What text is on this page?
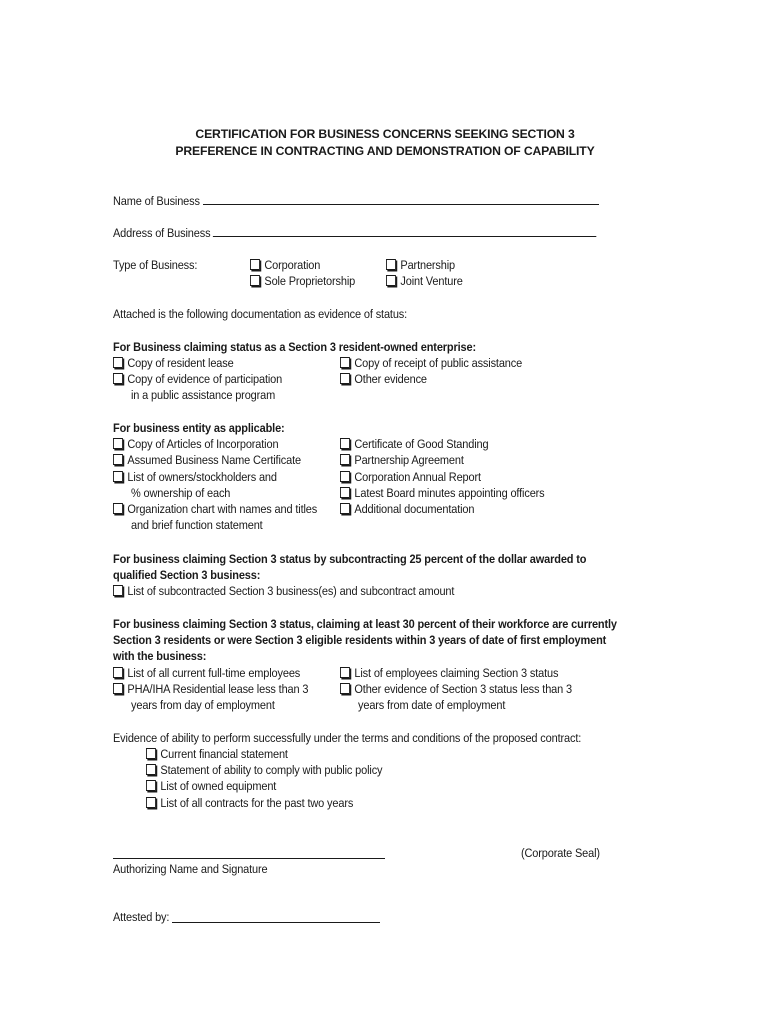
CERTIFICATION FOR BUSINESS CONCERNS SEEKING SECTION 3
PREFERENCE IN CONTRACTING AND DEMONSTRATION OF CAPABILITY
Name of Business
Address of Business
Type of Business:	Corporation
Sole Proprietorship
Partnership
Joint Venture
Attached is the following documentation as evidence of status:
For Business claiming status as a Section 3 resident-owned enterprise:
Copy of resident lease
Copy of evidence of participation
in a public assistance program
Copy of receipt of public assistance
Other evidence
For business entity as applicable:
Copy of Articles of Incorporation
Assumed Business Name Certificate
List of owners/stockholders and
% ownership of each
Organization chart with names and titles
and brief function statement
Certificate of Good Standing
Partnership Agreement
Corporation Annual Report
Latest Board minutes appointing officers
Additional documentation
For business claiming Section 3 status by subcontracting 25 percent of the dollar awarded to
qualified Section 3 business:
List of subcontracted Section 3 business(es) and subcontract amount
For business claiming Section 3 status, claiming at least 30 percent of their workforce are currently
Section 3 residents or were Section 3 eligible residents within 3 years of date of first employment
with the business:
List of all current full-time employees
PHA/IHA Residential lease less than 3
years from day of employment
List of employees claiming Section 3 status
Other evidence of Section 3 status less than 3
years from date of employment
Evidence of ability to perform successfully under the terms and conditions of the proposed contract:
Current financial statement
Statement of ability to comply with public policy
List of owned equipment
List of all contracts for the past two years
Authorizing Name and Signature
(Corporate Seal)
Attested by:
